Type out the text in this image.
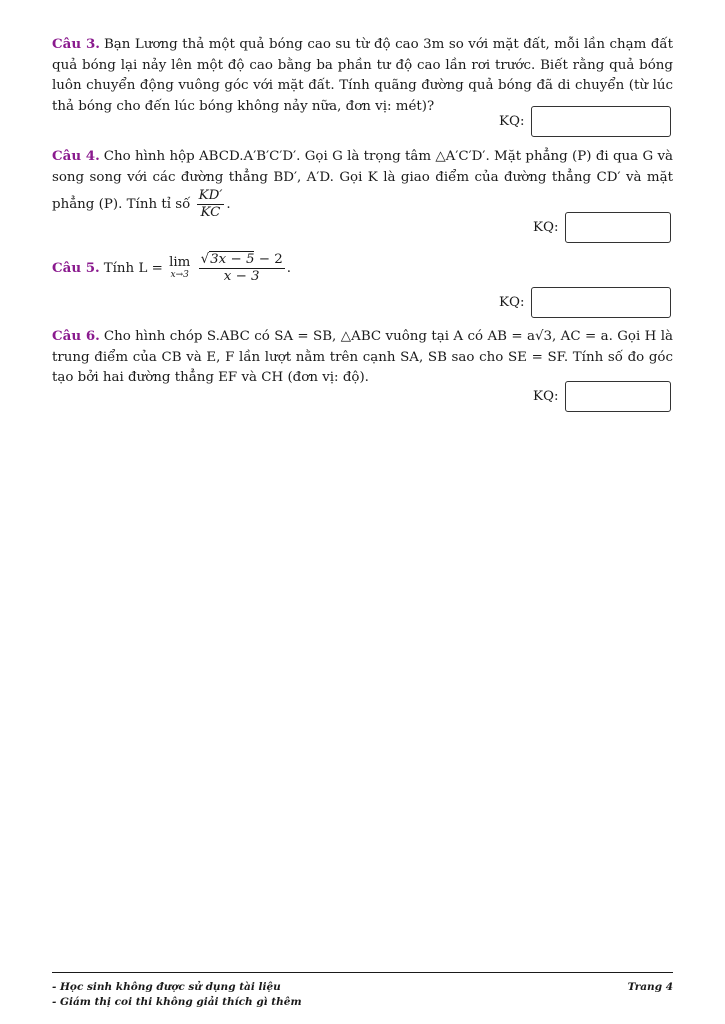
Câu 3. Bạn Lương thả một quả bóng cao su từ độ cao 3m so với mặt đất, mỗi lần chạm đất quả bóng lại nảy lên một độ cao bằng ba phần tư độ cao lần rơi trước. Biết rằng quả bóng luôn chuyển động vuông góc với mặt đất. Tính quãng đường quả bóng đã di chuyển (từ lúc thả bóng cho đến lúc bóng không nảy nữa, đơn vị: mét)?
KQ:
Câu 4. Cho hình hộp ABCD.A′B′C′D′. Gọi G là trọng tâm △A′C′D′. Mặt phẳng (P) đi qua G và song song với các đường thẳng BD′, A′D. Gọi K là giao điểm của đường thẳng CD′ và mặt phẳng (P). Tính tỉ số $\frac{KD'}{KC}$ .
KQ:
Câu 5. Tính L = lim
x→3
$\frac{√3x - 5 - 2}{x - 3}$ .
KQ:
Câu 6. Cho hình chóp S.ABC có SA = SB, △ABC vuông tại A có AB = a√3, AC = a. Gọi H là trung điểm của CB và E, F lần lượt nằm trên cạnh SA, SB sao cho SE = SF. Tính số đo góc tạo bởi hai đường thẳng EF và CH (đơn vị: độ).
KQ:
- Học sinh không được sử dụng tài liệu
- Giám thị coi thi không giải thích gì thêm
Trang 4
